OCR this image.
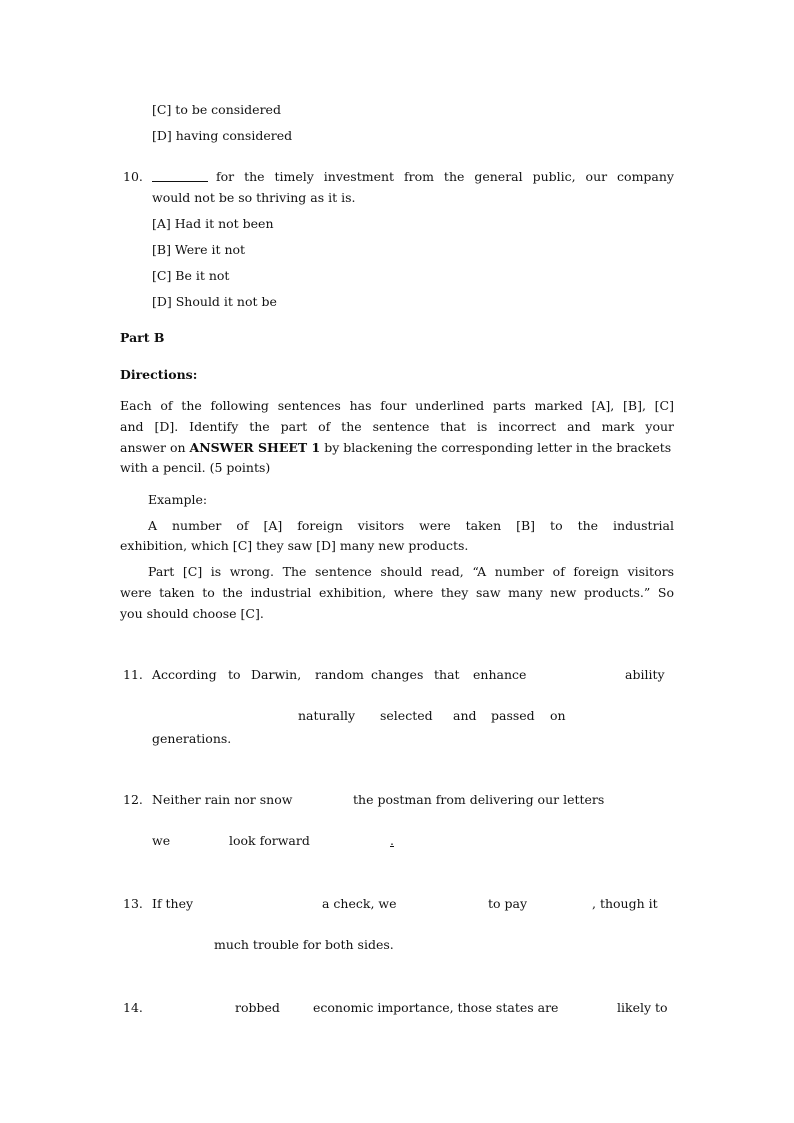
[C] to be considered
[D] having considered
10.	for the timely investment from the general public, our company
would not be so thriving as it is.
[A] Had it not been
[B] Were it not
[C] Be it not
[D] Should it not be
Part B
Directions:
Each of the following sentences has four underlined parts marked [A], [B], [C]
and [D]. Identify the part of the sentence that is incorrect and mark your
answer on ANSWER SHEET 1 by blackening the corresponding letter in the brackets
with a pencil. (5 points)
Example:
A number of [A] foreign visitors were taken [B] to the industrial
exhibition, which [C] they saw [D] many new products.
Part [C] is wrong. The sentence should read, “A number of foreign visitors
were taken to the industrial exhibition, where they saw many new products.” So
you should choose [C].
11. According to Darwin, random changes that enhance	ability
naturally selected and passed on
generations.
12. Neither rain nor snow	the postman from delivering our letters
we	look forward	.
13. If they	a check, we	to pay	, though it
much trouble for both sides.
14.	robbed	economic importance, those states are	likely to
